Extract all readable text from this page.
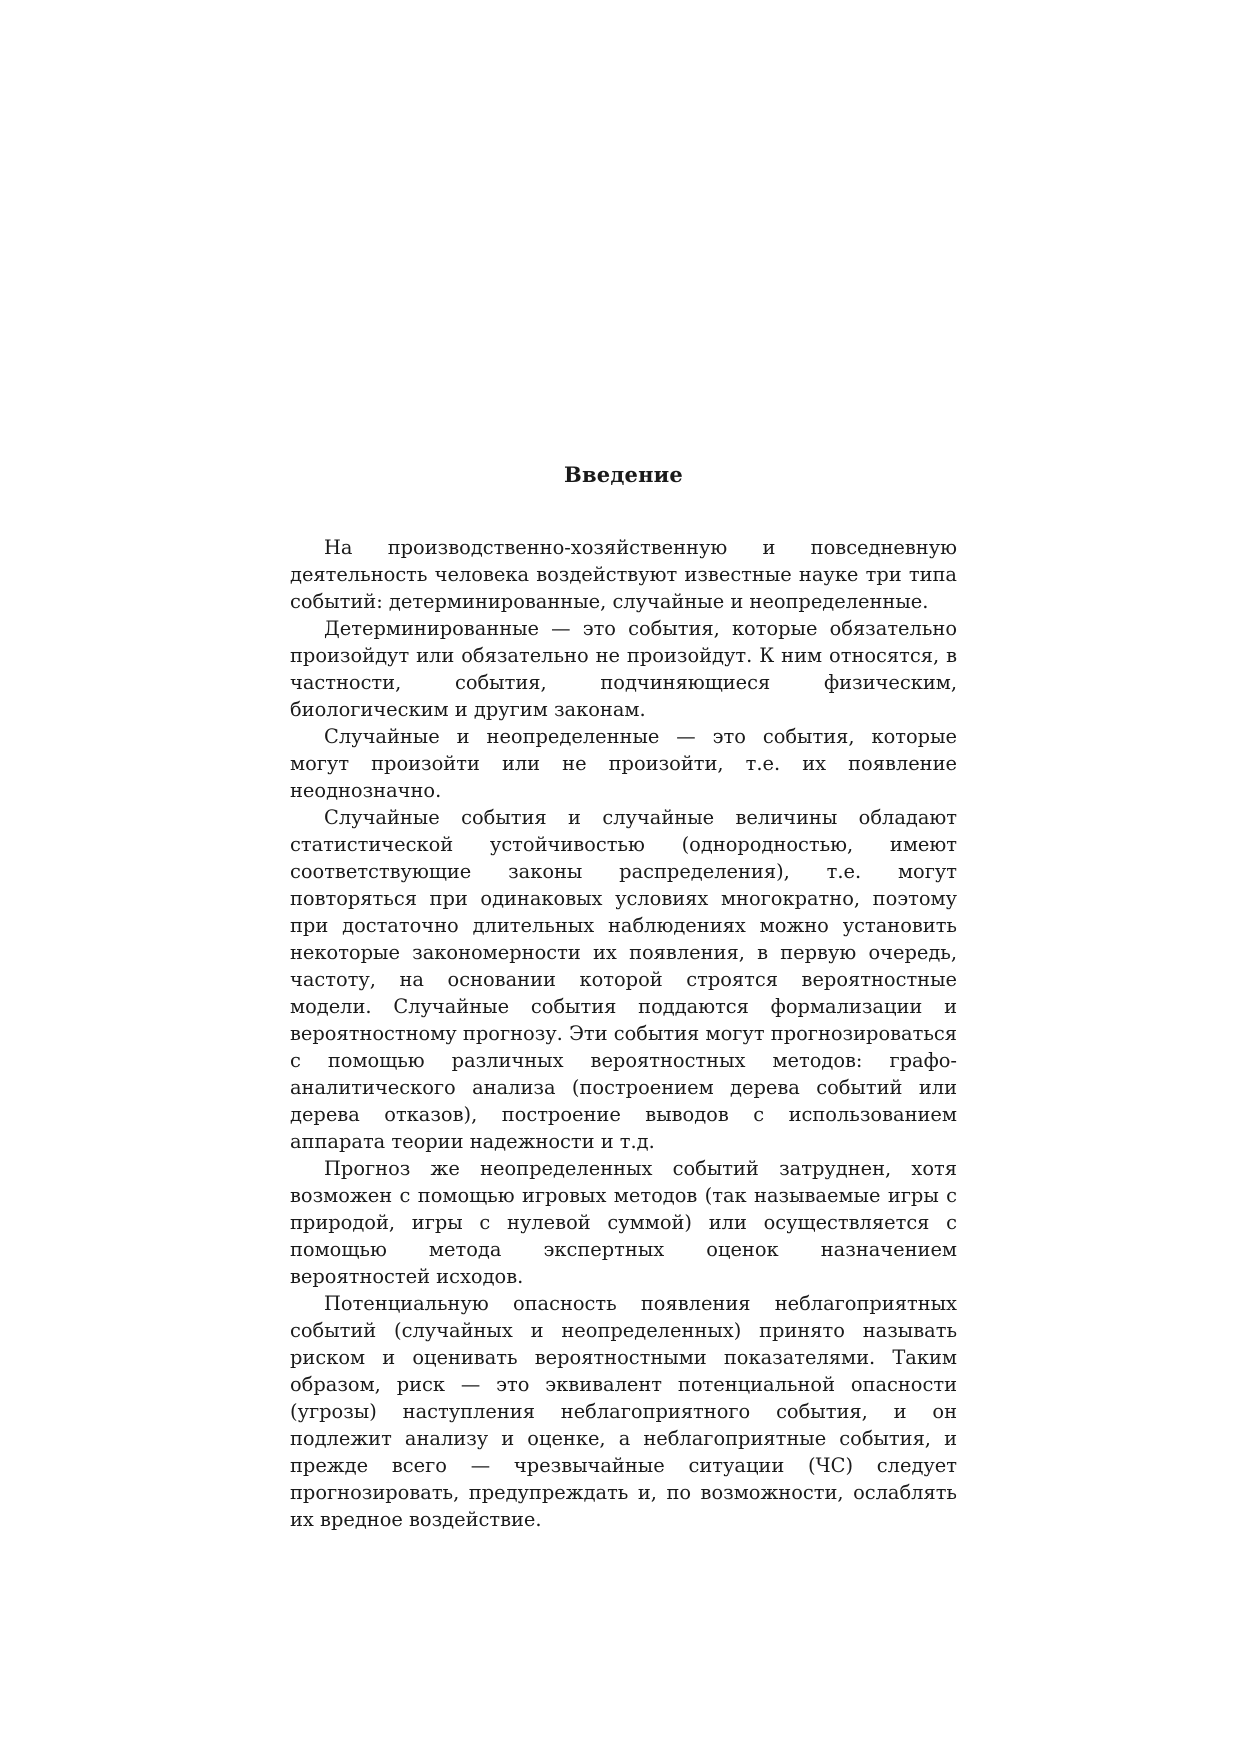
Введение

На производственно-хозяйственную и повседневную деятельность человека воздействуют известные науке три типа событий: детерминированные, случайные и неопределенные.

Детерминированные — это события, которые обязательно произойдут или обязательно не произойдут. К ним относятся, в частности, события, подчиняющиеся физическим, биологическим и другим законам.

Случайные и неопределенные — это события, которые могут произойти или не произойти, т.е. их появление неоднозначно.

Случайные события и случайные величины обладают статистической устойчивостью (однородностью, имеют соответствующие законы распределения), т.е. могут повторяться при одинаковых условиях многократно, поэтому при достаточно длительных наблюдениях можно установить некоторые закономерности их появления, в первую очередь, частоту, на основании которой строятся вероятностные модели. Случайные события поддаются формализации и вероятностному прогнозу. Эти события могут прогнозироваться с помощью различных вероятностных методов: графо-аналитического анализа (построением дерева событий или дерева отказов), построение выводов с использованием аппарата теории надежности и т.д.

Прогноз же неопределенных событий затруднен, хотя возможен с помощью игровых методов (так называемые игры с природой, игры с нулевой суммой) или осуществляется с помощью метода экспертных оценок назначением вероятностей исходов.

Потенциальную опасность появления неблагоприятных событий (случайных и неопределенных) принято называть риском и оценивать вероятностными показателями. Таким образом, риск — это эквивалент потенциальной опасности (угрозы) наступления неблагоприятного события, и он подлежит анализу и оценке, а неблагоприятные события, и прежде всего — чрезвычайные ситуации (ЧС) следует прогнозировать, предупреждать и, по возможности, ослаблять их вредное воздействие.
